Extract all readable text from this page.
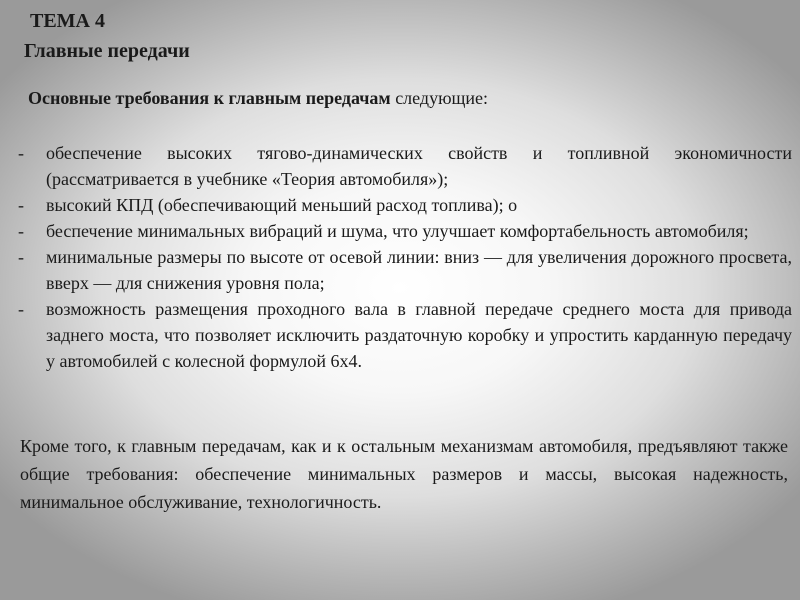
ТЕМА 4
Главные передачи

Основные требования к главным передачам следующие:

- обеспечение высоких тягово-динамических свойств и топливной экономичности (рассматривается в учебнике «Теория автомобиля»);
- высокий КПД (обеспечивающий меньший расход топлива); о
- беспечение минимальных вибраций и шума, что улучшает комфортабельность автомобиля;
- минимальные размеры по высоте от осевой линии: вниз — для увеличения дорожного просвета, вверх — для снижения уровня пола;
- возможность размещения проходного вала в главной передаче среднего моста для привода заднего моста, что позволяет исключить раздаточную коробку и упростить карданную передачу у автомобилей с колесной формулой 6х4.

Кроме того, к главным передачам, как и к остальным механизмам автомобиля, предъявляют также общие требования: обеспечение минимальных размеров и массы, высокая надежность, минимальное обслуживание, технологичность.
